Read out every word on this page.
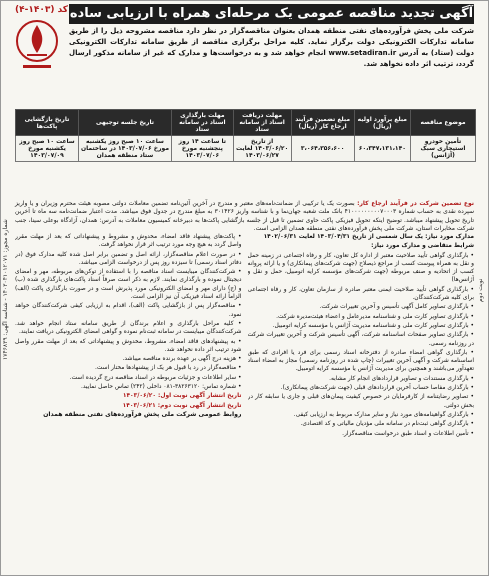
شماره مجوز: ۱۴۰۳۰۴۱۰۱۲۰۷۱ - شناسه آگهی: ۱۷۴۶۸۳۹
نوبت دوم
(۴-۱۴۰۳) کد آگهی تجدید مناقصه عمومی یک مرحله‌ای همراه با ارزیابی ساده
شرکت ملی پخش فرآورده‌های نفتی منطقه همدان بعنوان مناقصه‌گزار در نظر دارد مناقصه مشروحه ذیل را از طریق سامانه تدارکات الکترونیکی دولت برگزار نماید. کلیه مراحل برگزاری مناقصه از طریق سامانه تدارکات الکترونیکی دولت (ستاد) به آدرس www.setadiran.ir انجام خواهد شد و به درخواست‌ها و مدارک که غیر از سامانه مذکور ارسال گردد، ترتیب اثر داده نخواهد شد.
موضوع مناقصه	مبلغ برآورد اولیه (ریال)	مبلغ تضمین فرآیند ارجاع کار (ریال)	مهلت دریافت اسناد از سامانه ستاد	مهلت بارگذاری اسناد در سامانه ستاد	تاریخ جلسه توجیهی	تاریخ بازگشایی پاکت‌ها
تأمین خودرو استیجاری سبک (آژانس)	۶۰،۳۴۷،۱۳۱،۱۴۰	۳،۰۶۴،۳۵۶،۶۰۰	از تاریخ ۱۴۰۳/۰۶/۲۰ لغایت ۱۴۰۳/۰۶/۲۷	تا ساعت ۱۴ روز پنجشنبه مورخ ۱۴۰۳/۰۷/۰۶	ساعت ۱۰ صبح روز یکشنبه مورخ ۱۴۰۳/۰۷/۰۶ در ساختمان ستاد منطقه همدان	ساعت ۱۰ صبح روز یکشنبه مورخ ۱۴۰۳/۰۷/۰۹
نوع تضمین شرکت در فرآیند ارجاع کار: بصورت یک یا ترکیبی از ضمانت‌نامه‌های معتبر و مندرج در آخرین آئین‌نامه تضمین معاملات دولتی مصوبه هیئت محترم وزیران و یا واریز سپرده نقدی به حساب شماره ۴۱۰۰۰۰۰۰۰۰۰۷۰۰۰۳ بانک ملت شعبه جهان‌نما و با شناسه واریز ۳۰۱۴۲۶ به مبلغ مندرج در جدول فوق میباشد. مدت اعتبار ضمانت‌نامه سه ماه تا آخرین تاریخ تحویل پیشنهاد میباشد. توضیح اینکه تحویل فیزیکی پاکت حاوی تضمین تا قبل از جلسه بازگشایی پاکت‌ها به دبیرخانه کمیسیون معاملات به آدرس: همدان، آزادگاه بوعلی سینا، جنب شرکت مخابرات استان، شرکت ملی پخش فرآورده‌های نفتی منطقه همدان الزامی است.

مدارک مورد نیاز: یک سال شمسی از تاریخ ۱۴۰۳/۰۴/۳۱ لغایت ۱۴۰۲/۰۶/۳۱

شرایط متقاضی و مدارک مورد نیاز:

• بارگذاری گواهی تأیید صلاحیت معتبر از اداره کل تعاون، کار و رفاه اجتماعی در زمینه حمل و نقل به همراه پیوست کسب از مراجع ذیصلاح (جهت شرکت‌های پیمانکاری) و یا ارائه پروانه کسب از اتحادیه و صنف مربوطه (جهت شرکت‌های مؤسسه کرایه اتومبیل، حمل و نقل و آژانس‌ها)

• بارگذاری گواهی تأیید صلاحیت ایمنی معتبر صادره از سازمان تعاون، کار و رفاه اجتماعی برای کلیه شرکت‌کنندگان.

• بارگذاری تصاویر کامل آگهی تأسیس و آخرین تغییرات شرکت.

• بارگذاری تصاویر کارت ملی و شناسنامه مدیرعامل و اعضاء هیئت‌مدیره شرکت.

• بارگذاری تصاویر کارت ملی و شناسنامه مدیریت آژانس یا مؤسسه کرایه اتومبیل.

• بارگذاری تصاویر صفحات اساسنامه شرکت، آگهی تأسیس شرکت و آخرین تغییرات شرکت در روزنامه رسمی.

• بارگذاری گواهی امضاء صادره از دفترخانه اسناد رسمی برای فرد یا افرادی که طبق اساسنامه شرکت و آگهی آخرین تغییرات (چاپ شده در روزنامه رسمی) مجاز به امضاء اسناد تعهدآور می‌باشند و همچنین برای مدیریت آژانس یا مؤسسه کرایه اتومبیل.

• بارگذاری مستندات و تصاویر قراردادهای انجام کار مشابه.

• بارگذاری مفاصا حساب آخرین قراردادهای قبلی (جهت شرکت‌های پیمانکاری).

• تصاویر رضایتنامه از کارفرمایان در خصوص کیفیت پیمان‌های قبلی و جاری یا سابقه کار در بخش دولتی.

• بارگذاری گواهینامه‌های مورد نیاز و سایر مدارک مربوط به ارزیابی کیفی.

• بارگذاری گواهی ثبت‌نام در سامانه ملی مؤدیان مالیاتی و کد اقتصادی.

• تأمین اطلاعات و اسناد طبق درخواست مناقصه‌گزار.

• پاکت‌های پیشنهاد فاقد امضاء، مخدوش و مشروط و پیشنهاداتی که بعد از مهلت مقرر واصل گردد به هیچ وجه مورد ترتیب اثر قرار نخواهد گرفت.

• در صورت اعلام مناقصه‌گزار، ارائه اصل و تضمین برابر اصل شده کلیه مدارک فوق (در دفاتر اسناد رسمی) تا سیزده روز پس از درخواست الزامی میباشد.

• شرکت‌کنندگان میبایست اسناد مناقصه را با استفاده از توکن‌های مربوطه، مهر و امضای دیجیتال نموده و بارگذاری نمایند. لازم به ذکر است صرفاً اسناد پاکت‌های بارگذاری شده (ب) و (ج) دارای مهر و امضای الکترونیکی مورد پذیرش است و در صورت بارگذاری پاکت (الف) الزاماً ارائه اسناد فیزیکی آن نیز الزامی است.

• مناقصه‌گزار پس از بازگشایی پاکت (الف)، اقدام به ارزیابی کیفی شرکت‌کنندگان خواهد نمود.

• کلیه مراحل بارگذاری و اعلام برندگان از طریق سامانه ستاد انجام خواهد شد. شرکت‌کنندگان میبایست در سامانه ثبت‌نام نموده و گواهی امضای الکترونیکی دریافت نمایند.

• به پیشنهادهای فاقد امضاء، مشروط، مخدوش و پیشنهاداتی که بعد از مهلت مقرر واصل شود ترتیب اثر داده نخواهد شد.

• هزینه درج آگهی بر عهده برنده مناقصه میباشد.

• مناقصه‌گزار در رد یا قبول هر یک از پیشنهادها مختار است.

• سایر اطلاعات و جزئیات مربوطه در اسناد مناقصه درج گردیده است.

• شماره تماس: ۳۸۲۶۳۱۲۰-۰۸۱ داخلی (۲۴۲) تماس حاصل نمایید.

تاریخ انتشار آگهی نوبت اول: ۱۴۰۳/۰۶/۲۰

تاریخ انتشار آگهی نوبت دوم: ۱۴۰۳/۰۶/۲۱

روابط عمومی شرکت ملی پخش فرآورده‌های نفتی منطقه همدان
